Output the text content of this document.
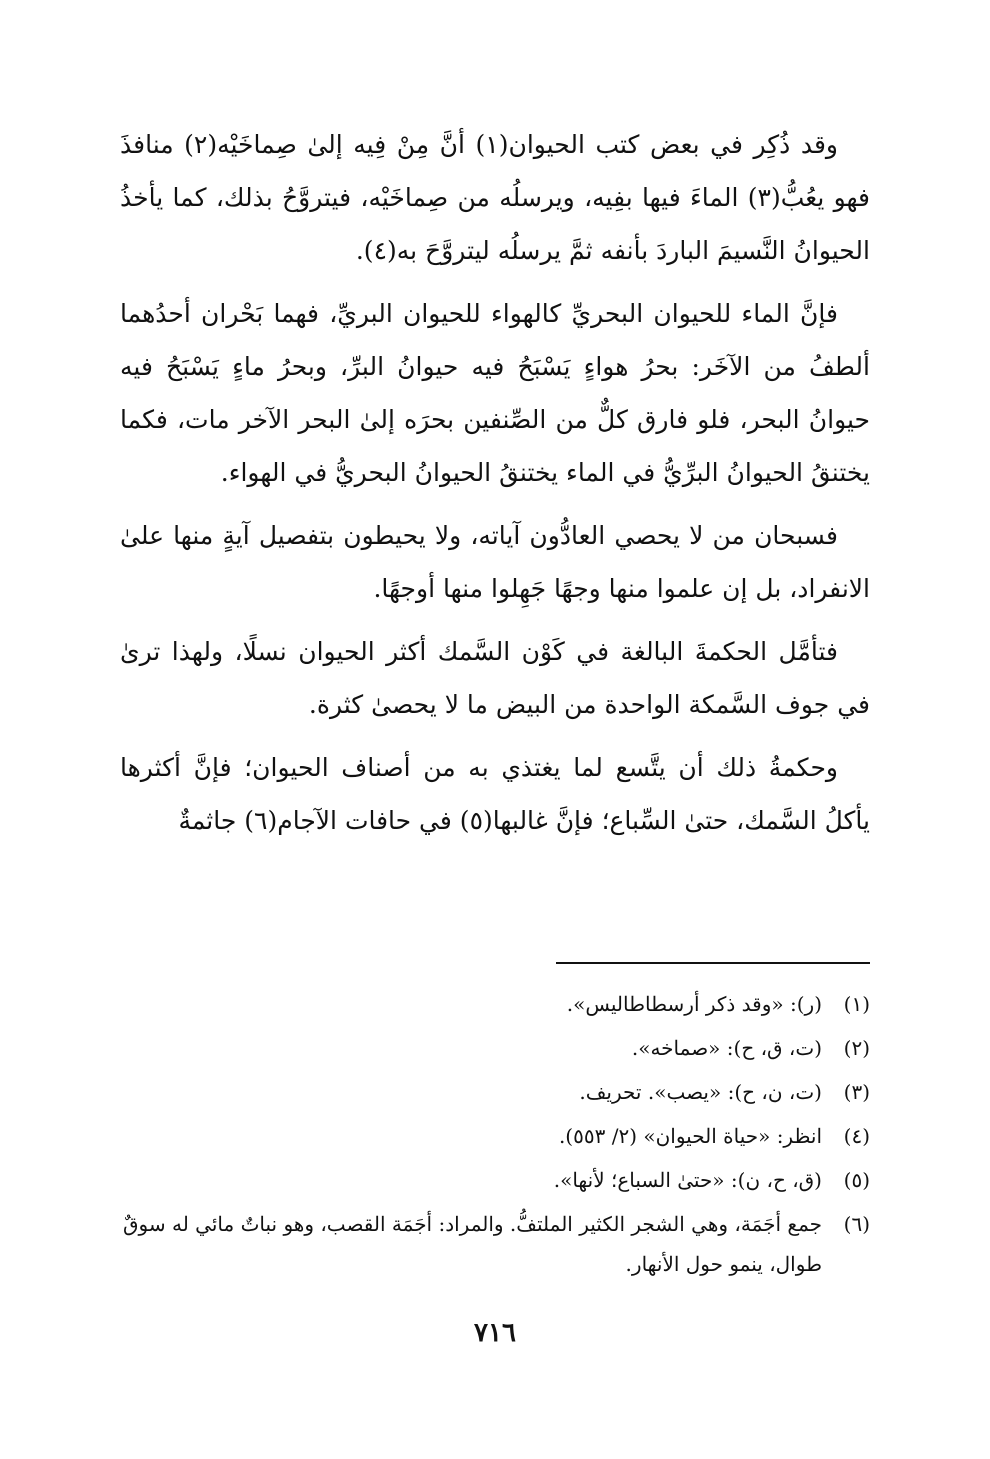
وقد ذُكِر في بعض كتب الحيوان(١) أنَّ مِنْ فِيه إلىٰ صِماخَيْه(٢) منافذَ فهو يعُبُّ(٣) الماءَ فيها بفِيه، ويرسلُه من صِماخَيْه، فيتروَّحُ بذلك، كما يأخذُ الحيوانُ النَّسيمَ الباردَ بأنفه ثمَّ يرسلُه ليتروَّحَ به(٤).

فإنَّ الماء للحيوان البحريِّ كالهواء للحيوان البريِّ، فهما بَحْران أحدُهما ألطفُ من الآخَر: بحرُ هواءٍ يَسْبَحُ فيه حيوانُ البرِّ، وبحرُ ماءٍ يَسْبَحُ فيه حيوانُ البحر، فلو فارق كلٌّ من الصِّنفين بحرَه إلىٰ البحر الآخر مات، فكما يختنقُ الحيوانُ البرِّيُّ في الماء يختنقُ الحيوانُ البحريُّ في الهواء.

فسبحان من لا يحصي العادُّون آياته، ولا يحيطون بتفصيل آيةٍ منها علىٰ الانفراد، بل إن علموا منها وجهًا جَهِلوا منها أوجهًا.

فتأمَّل الحكمةَ البالغة في كَوْن السَّمك أكثر الحيوان نسلًا، ولهذا ترىٰ في جوف السَّمكة الواحدة من البيض ما لا يحصىٰ كثرة.

وحكمةُ ذلك أن يتَّسع لما يغتذي به من أصناف الحيوان؛ فإنَّ أكثرها يأكلُ السَّمك، حتىٰ السِّباع؛ فإنَّ غالبها(٥) في حافات الآجام(٦) جاثمةٌ

(١)
(ر): «وقد ذكر أرسطاطاليس».
(٢)
(ت، ق، ح): «صماخه».
(٣)
(ت، ن، ح): «يصب». تحريف.
(٤)
انظر: «حياة الحيوان» (٢/ ٥٥٣).
(٥)
(ق، ح، ن): «حتىٰ السباع؛ لأنها».
(٦)
جمع أجَمَة، وهي الشجر الكثير الملتفُّ. والمراد: أجَمَة القصب، وهو نباتٌ مائي له سوقٌ طوال، ينمو حول الأنهار.
٧١٦
